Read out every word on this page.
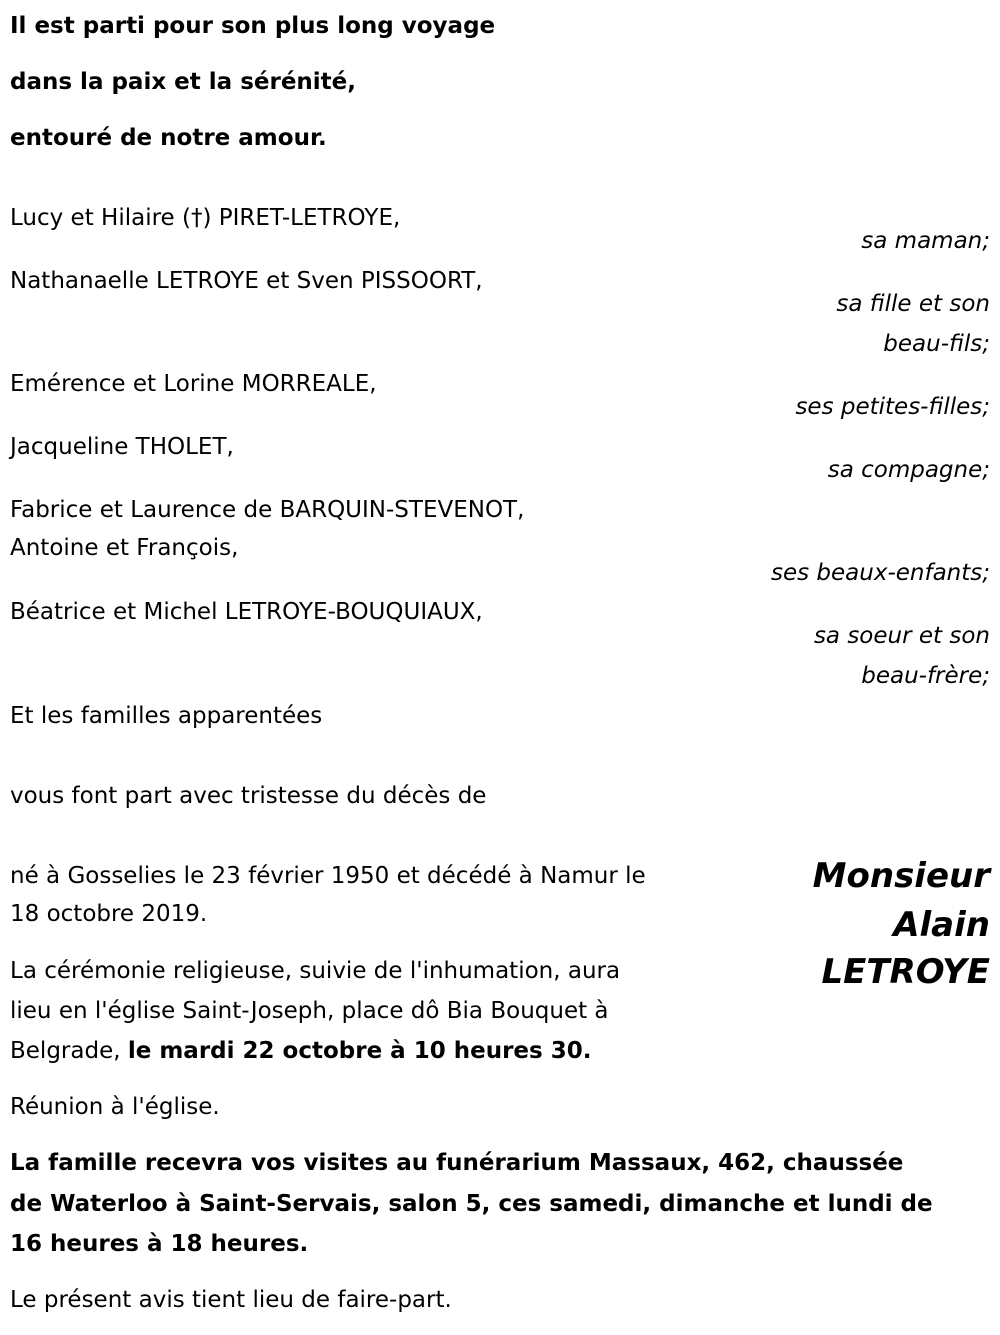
Il est parti pour son plus long voyage
dans la paix et la sérénité,
entouré de notre amour.
Lucy et Hilaire (†) PIRET-LETROYE,
sa maman;
Nathanaelle LETROYE et Sven PISSOORT,
sa fille et son
beau-fils;
Emérence et Lorine MORREALE,
ses petites-filles;
Jacqueline THOLET,
sa compagne;
Fabrice et Laurence de BARQUIN-STEVENOT,
Antoine et François,
ses beaux-enfants;
Béatrice et Michel LETROYE-BOUQUIAUX,
sa soeur et son
beau-frère;
Et les familles apparentées
vous font part avec tristesse du décès de
Monsieur
Alain
LETROYE
né à Gosselies le 23 février 1950 et décédé à Namur le
18 octobre 2019.
La cérémonie religieuse, suivie de l'inhumation, aura
lieu en l'église Saint-Joseph, place dô Bia Bouquet à
Belgrade, le mardi 22 octobre à 10 heures 30.
Réunion à l'église.
La famille recevra vos visites au funérarium Massaux, 462, chaussée
de Waterloo à Saint-Servais, salon 5, ces samedi, dimanche et lundi de
16 heures à 18 heures.
Le présent avis tient lieu de faire-part.
